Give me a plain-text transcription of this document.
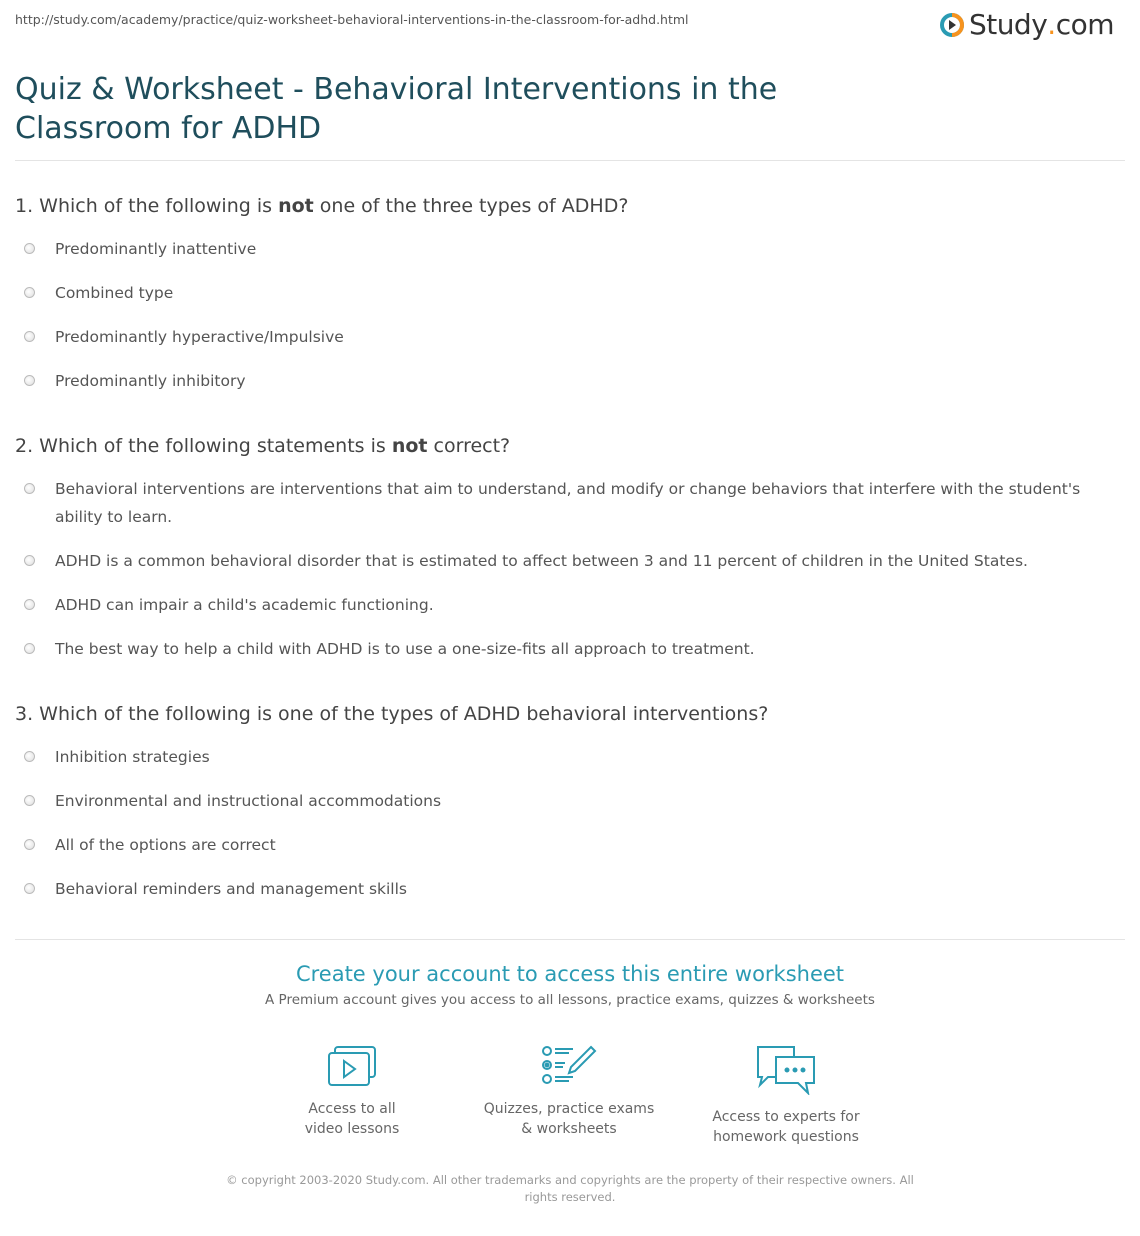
http://study.com/academy/practice/quiz-worksheet-behavioral-interventions-in-the-classroom-for-adhd.html	Study . com
Quiz & Worksheet - Behavioral Interventions in the Classroom for ADHD
1. Which of the following is not one of the three types of ADHD?
Predominantly inattentive
Combined type
Predominantly hyperactive/Impulsive
Predominantly inhibitory
2. Which of the following statements is not correct?
Behavioral interventions are interventions that aim to understand, and modify or change behaviors that interfere with the student's ability to learn.
ADHD is a common behavioral disorder that is estimated to affect between 3 and 11 percent of children in the United States.
ADHD can impair a child's academic functioning.
The best way to help a child with ADHD is to use a one-size-fits all approach to treatment.
3. Which of the following is one of the types of ADHD behavioral interventions?
Inhibition strategies
Environmental and instructional accommodations
All of the options are correct
Behavioral reminders and management skills
Create your account to access this entire worksheet
A Premium account gives you access to all lessons, practice exams, quizzes & worksheets
Access to all
video lessons
Quizzes, practice exams
& worksheets
Access to experts for
homework questions
© copyright 2003-2020 Study.com. All other trademarks and copyrights are the property of their respective owners. All rights reserved.
